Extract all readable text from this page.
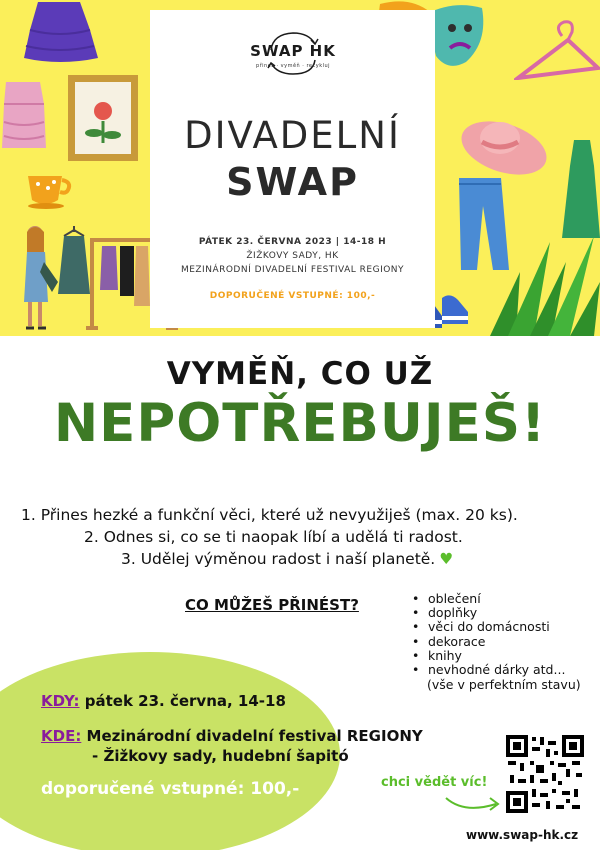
SWAP HK
přines · vyměň · recykluj
DIVADELNÍ
SWAP
PÁTEK 23. ČERVNA 2023 | 14-18 H
ŽIŽKOVY SADY, HK
MEZINÁRODNÍ DIVADELNÍ FESTIVAL REGIONY
DOPORUČENÉ VSTUPNÉ: 100,-
VYMĚŇ, CO UŽ
NEPOTŘEBUJEŠ!
1. Přines hezké a funkční věci, které už nevyužiješ (max. 20 ks).
2. Odnes si, co se ti naopak líbí a udělá ti radost.
3. Udělej výměnou radost i naší planetě. ♥
CO MŮŽEŠ PŘINÉST?
•	oblečení
• doplňky
• věci do domácnosti
• dekorace
• knihy
• nevhodné dárky atd...
(vše v perfektním stavu)
KDY: pátek 23. června, 14-18
KDE: Mezinárodní divadelní festival REGIONY
- Žižkovy sady, hudební šapitó
doporučené vstupné: 100,-	chci vědět víc!
www.swap-hk.cz
